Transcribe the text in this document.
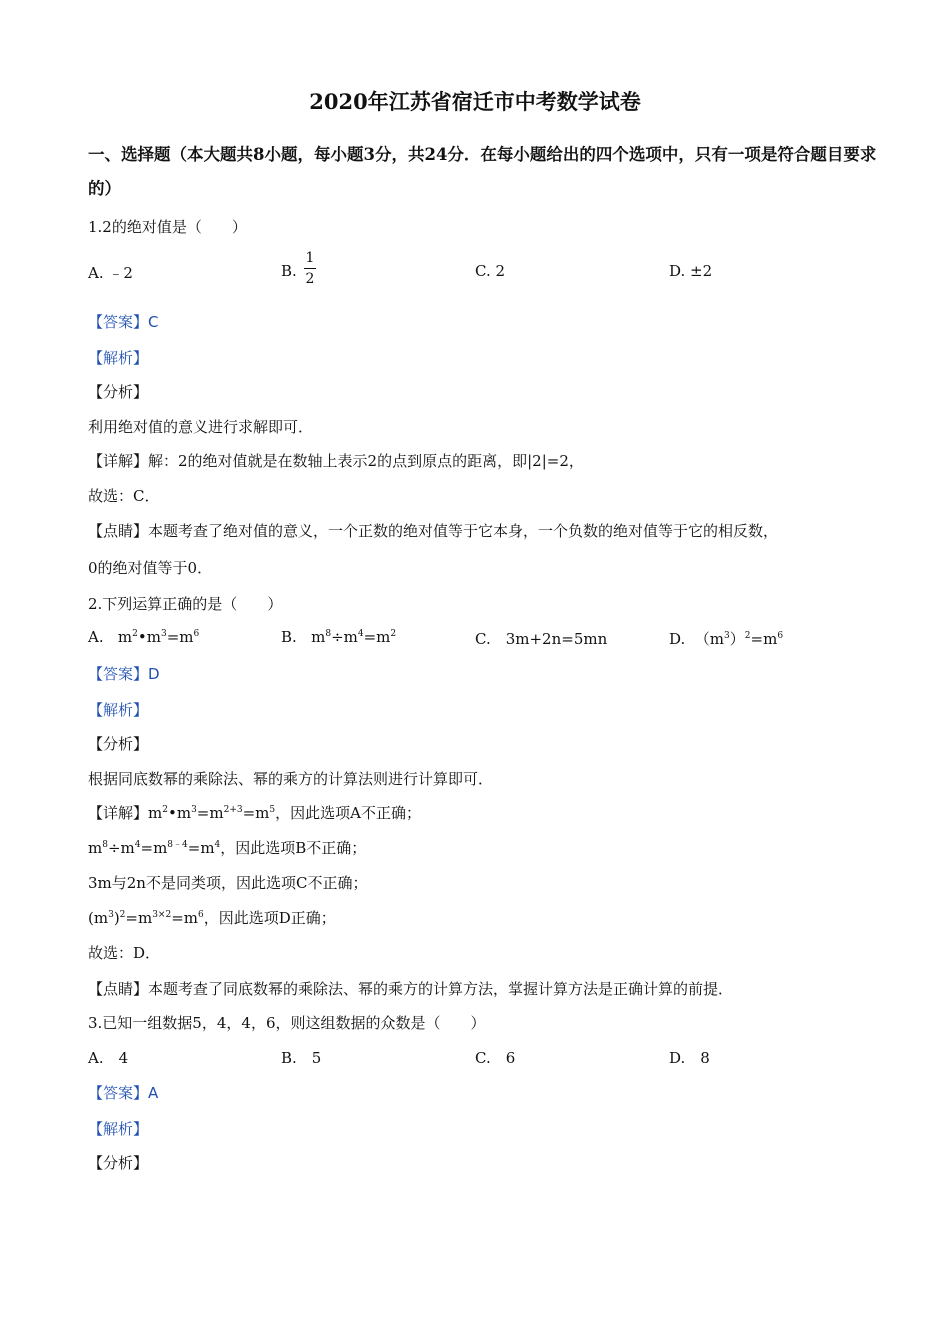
2020年江苏省宿迁市中考数学试卷
一、选择题（本大题共8小题，每小题3分，共24分．在每小题给出的四个选项中，只有一项是符合题目要求的）
1.2的绝对值是（　　）
A. ﹣2	B.
1
2	C. 2	D. ±2
【答案】C
【解析】
【分析】
利用绝对值的意义进行求解即可．
【详解】解：2的绝对值就是在数轴上表示2的点到原点的距离，即|2|=2，
故选：C．
【点睛】本题考查了绝对值的意义，一个正数的绝对值等于它本身，一个负数的绝对值等于它的相反数，
0的绝对值等于0．
2.下列运算正确的是（　　）
A.   $m^2•m^3=m^6$	B.   $m^8\div m^4=m^2$	C.　3m+2n=5mn	D.  $(m^3)^2=m^6$
【答案】D
【解析】
【分析】
根据同底数幂的乘除法、幂的乘方的计算法则进行计算即可．
【详解】$m^2•m^3=m^{2+3}=m^5$，因此选项A不正确；
$m^8\div m^4=m^{8﹣4}=m^4$，因此选项B不正确；
3m与2n不是同类项，因此选项C不正确；
$(m^3)^2=m^{3\times 2}=m^6$，因此选项D正确；
故选：D．
【点睛】本题考查了同底数幂的乘除法、幂的乘方的计算方法，掌握计算方法是正确计算的前提．
3.已知一组数据5，4，4，6，则这组数据的众数是（　　）
A.　4	B.　5	C.　6	D.　8
【答案】A
【解析】
【分析】
